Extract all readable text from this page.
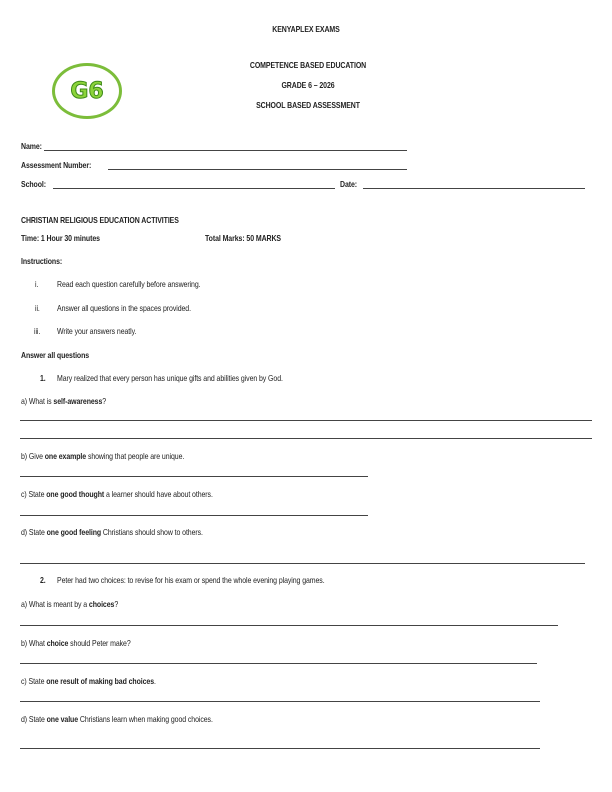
KENYAPLEX EXAMS
G6
COMPETENCE BASED EDUCATION
GRADE 6 – 2026
SCHOOL BASED ASSESSMENT
Name:
Assessment Number:
School:	Date:
CHRISTIAN RELIGIOUS EDUCATION ACTIVITIES
Time: 1 Hour 30 minutes	Total Marks: 50 MARKS
Instructions:
i. Read each question carefully before answering.
ii. Answer all questions in the spaces provided.
iii. Write your answers neatly.
Answer all questions
1. Mary realized that every person has unique gifts and abilities given by God.
a) What is self-awareness?
b) Give one example showing that people are unique.
c) State one good thought a learner should have about others.
d) State one good feeling Christians should show to others.
2. Peter had two choices: to revise for his exam or spend the whole evening playing games.
a) What is meant by a choices?
b) What choice should Peter make?
c) State one result of making bad choices.
d) State one value Christians learn when making good choices.
